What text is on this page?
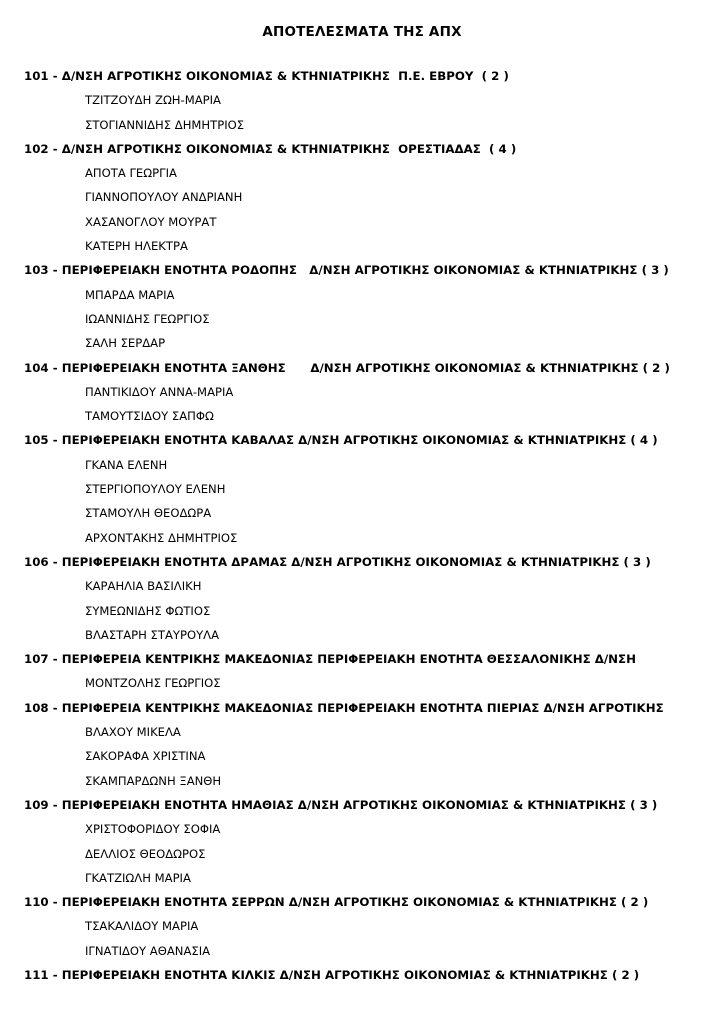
ΑΠΟΤΕΛΕΣΜΑΤΑ ΤΗΣ ΑΠΧ
101 - Δ/ΝΣΗ ΑΓΡΟΤΙΚΗΣ ΟΙΚΟΝΟΜΙΑΣ & ΚΤΗΝΙΑΤΡΙΚΗΣ  Π.Ε. ΕΒΡΟΥ  ( 2 )
ΤΖΙΤΖΟΥΔΗ ΖΩΗ-ΜΑΡΙΑ
ΣΤΟΓΙΑΝΝΙΔΗΣ ΔΗΜΗΤΡΙΟΣ
102 - Δ/ΝΣΗ ΑΓΡΟΤΙΚΗΣ ΟΙΚΟΝΟΜΙΑΣ & ΚΤΗΝΙΑΤΡΙΚΗΣ  ΟΡΕΣΤΙΑΔΑΣ  ( 4 )
ΑΠΟΤΑ ΓΕΩΡΓΙΑ
ΓΙΑΝΝΟΠΟΥΛΟΥ ΑΝΔΡΙΑΝΗ
ΧΑΣΑΝΟΓΛΟΥ ΜΟΥΡΑΤ
ΚΑΤΕΡΗ ΗΛΕΚΤΡΑ
103 - ΠΕΡΙΦΕΡΕΙΑΚΗ ΕΝΟΤΗΤΑ ΡΟΔΟΠΗΣ   Δ/ΝΣΗ ΑΓΡΟΤΙΚΗΣ ΟΙΚΟΝΟΜΙΑΣ & ΚΤΗΝΙΑΤΡΙΚΗΣ ( 3 )
ΜΠΑΡΔΑ ΜΑΡΙΑ
ΙΩΑΝΝΙΔΗΣ ΓΕΩΡΓΙΟΣ
ΣΑΛΗ ΣΕΡΔΑΡ
104 - ΠΕΡΙΦΕΡΕΙΑΚΗ ΕΝΟΤΗΤΑ ΞΑΝΘΗΣ      Δ/ΝΣΗ ΑΓΡΟΤΙΚΗΣ ΟΙΚΟΝΟΜΙΑΣ & ΚΤΗΝΙΑΤΡΙΚΗΣ ( 2 )
ΠΑΝΤΙΚΙΔΟΥ ΑΝΝΑ-ΜΑΡΙΑ
ΤΑΜΟΥΤΣΙΔΟΥ ΣΑΠΦΩ
105 - ΠΕΡΙΦΕΡΕΙΑΚΗ ΕΝΟΤΗΤΑ ΚΑΒΑΛΑΣ Δ/ΝΣΗ ΑΓΡΟΤΙΚΗΣ ΟΙΚΟΝΟΜΙΑΣ & ΚΤΗΝΙΑΤΡΙΚΗΣ ( 4 )
ΓΚΑΝΑ ΕΛΕΝΗ
ΣΤΕΡΓΙΟΠΟΥΛΟΥ ΕΛΕΝΗ
ΣΤΑΜΟΥΛΗ ΘΕΟΔΩΡΑ
ΑΡΧΟΝΤΑΚΗΣ ΔΗΜΗΤΡΙΟΣ
106 - ΠΕΡΙΦΕΡΕΙΑΚΗ ΕΝΟΤΗΤΑ ΔΡΑΜΑΣ Δ/ΝΣΗ ΑΓΡΟΤΙΚΗΣ ΟΙΚΟΝΟΜΙΑΣ & ΚΤΗΝΙΑΤΡΙΚΗΣ ( 3 )
ΚΑΡΑΗΛΙΑ ΒΑΣΙΛΙΚΗ
ΣΥΜΕΩΝΙΔΗΣ ΦΩΤΙΟΣ
ΒΛΑΣΤΑΡΗ ΣΤΑΥΡΟΥΛΑ
107 - ΠΕΡΙΦΕΡΕΙΑ ΚΕΝΤΡΙΚΗΣ ΜΑΚΕΔΟΝΙΑΣ ΠΕΡΙΦΕΡΕΙΑΚΗ ΕΝΟΤΗΤΑ ΘΕΣΣΑΛΟΝΙΚΗΣ Δ/ΝΣΗ
ΜΟΝΤΖΟΛΗΣ ΓΕΩΡΓΙΟΣ
108 - ΠΕΡΙΦΕΡΕΙΑ ΚΕΝΤΡΙΚΗΣ ΜΑΚΕΔΟΝΙΑΣ ΠΕΡΙΦΕΡΕΙΑΚΗ ΕΝΟΤΗΤΑ ΠΙΕΡΙΑΣ Δ/ΝΣΗ ΑΓΡΟΤΙΚΗΣ
ΒΛΑΧΟΥ ΜΙΚΕΛΑ
ΣΑΚΟΡΑΦΑ ΧΡΙΣΤΙΝΑ
ΣΚΑΜΠΑΡΔΩΝΗ ΞΑΝΘΗ
109 - ΠΕΡΙΦΕΡΕΙΑΚΗ ΕΝΟΤΗΤΑ ΗΜΑΘΙΑΣ Δ/ΝΣΗ ΑΓΡΟΤΙΚΗΣ ΟΙΚΟΝΟΜΙΑΣ & ΚΤΗΝΙΑΤΡΙΚΗΣ ( 3 )
ΧΡΙΣΤΟΦΟΡΙΔΟΥ ΣΟΦΙΑ
ΔΕΛΛΙΟΣ ΘΕΟΔΩΡΟΣ
ΓΚΑΤΖΙΩΛΗ ΜΑΡΙΑ
110 - ΠΕΡΙΦΕΡΕΙΑΚΗ ΕΝΟΤΗΤΑ ΣΕΡΡΩΝ Δ/ΝΣΗ ΑΓΡΟΤΙΚΗΣ ΟΙΚΟΝΟΜΙΑΣ & ΚΤΗΝΙΑΤΡΙΚΗΣ ( 2 )
ΤΣΑΚΑΛΙΔΟΥ ΜΑΡΙΑ
ΙΓΝΑΤΙΔΟΥ ΑΘΑΝΑΣΙΑ
111 - ΠΕΡΙΦΕΡΕΙΑΚΗ ΕΝΟΤΗΤΑ ΚΙΛΚΙΣ Δ/ΝΣΗ ΑΓΡΟΤΙΚΗΣ ΟΙΚΟΝΟΜΙΑΣ & ΚΤΗΝΙΑΤΡΙΚΗΣ ( 2 )
